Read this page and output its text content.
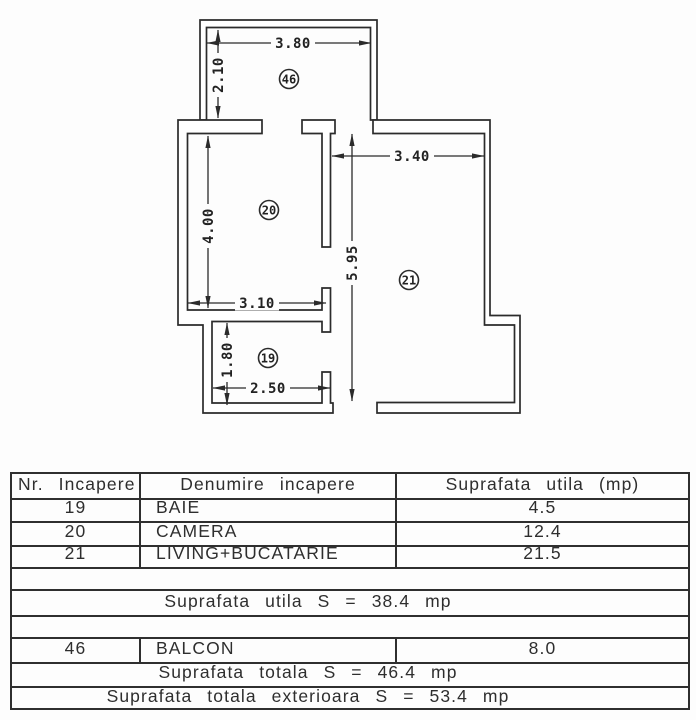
3.80
2.10
5.95
3.40
4.00
3.10
1.80
2.50
46
20
21
19
Nr. Incapere	Denumire incapere	Suprafata utila (mp)
19	BAIE	4.5
20	CAMERA	12.4
21	LIVING+BUCATARIE	21.5
Suprafata utila S = 38.4 mp
46	BALCON	8.0
Suprafata totala S = 46.4 mp
Suprafata totala exterioara S = 53.4 mp
